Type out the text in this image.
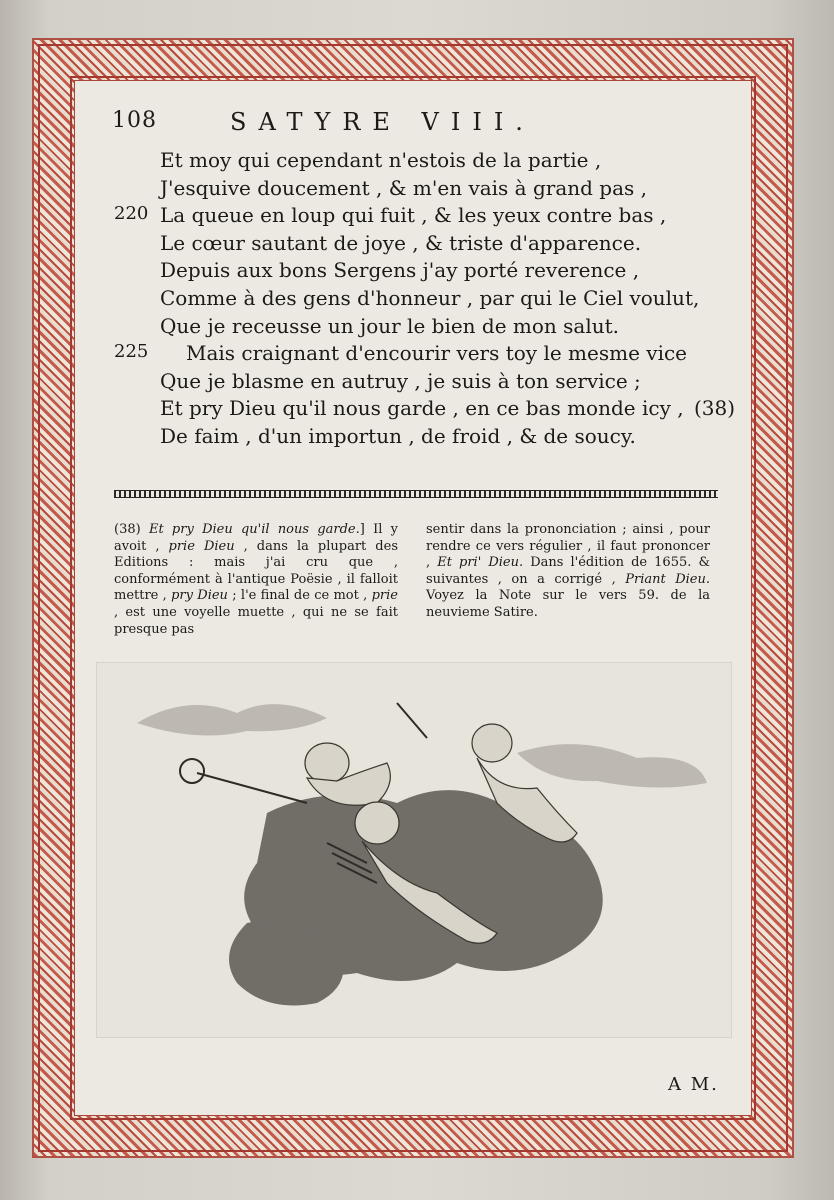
108	SATYRE VIII.
Et moy qui cependant n'estois de la partie ,
J'esquive doucement , & m'en vais à grand pas ,
220 La queue en loup qui fuit , & les yeux contre bas ,
Le cœur sautant de joye , & triste d'apparence.
Depuis aux bons Sergens j'ay porté reverence ,
Comme à des gens d'honneur , par qui le Ciel voulut,
Que je receusse un jour le bien de mon salut.
225 Mais craignant d'encourir vers toy le mesme vice
Que je blasme en autruy , je suis à ton service ;
Et pry Dieu qu'il nous garde , en ce bas monde icy , (38)
De faim , d'un importun , de froid , & de soucy.
(38) Et pry Dieu qu'il nous garde.] Il y avoit , prie Dieu , dans la plupart des Editions : mais j'ai cru que , conformément à l'antique Poësie , il falloit mettre , pry Dieu ; l'e final de ce mot , prie , est une voyelle muette , qui ne se fait presque pas
sentir dans la prononciation ; ainsi , pour rendre ce vers régulier , il faut prononcer , Et pri' Dieu. Dans l'édition de 1655. & suivantes , on a corrigé , Priant Dieu. Voyez la Note sur le vers 59. de la neuvieme Satire.
A M.
